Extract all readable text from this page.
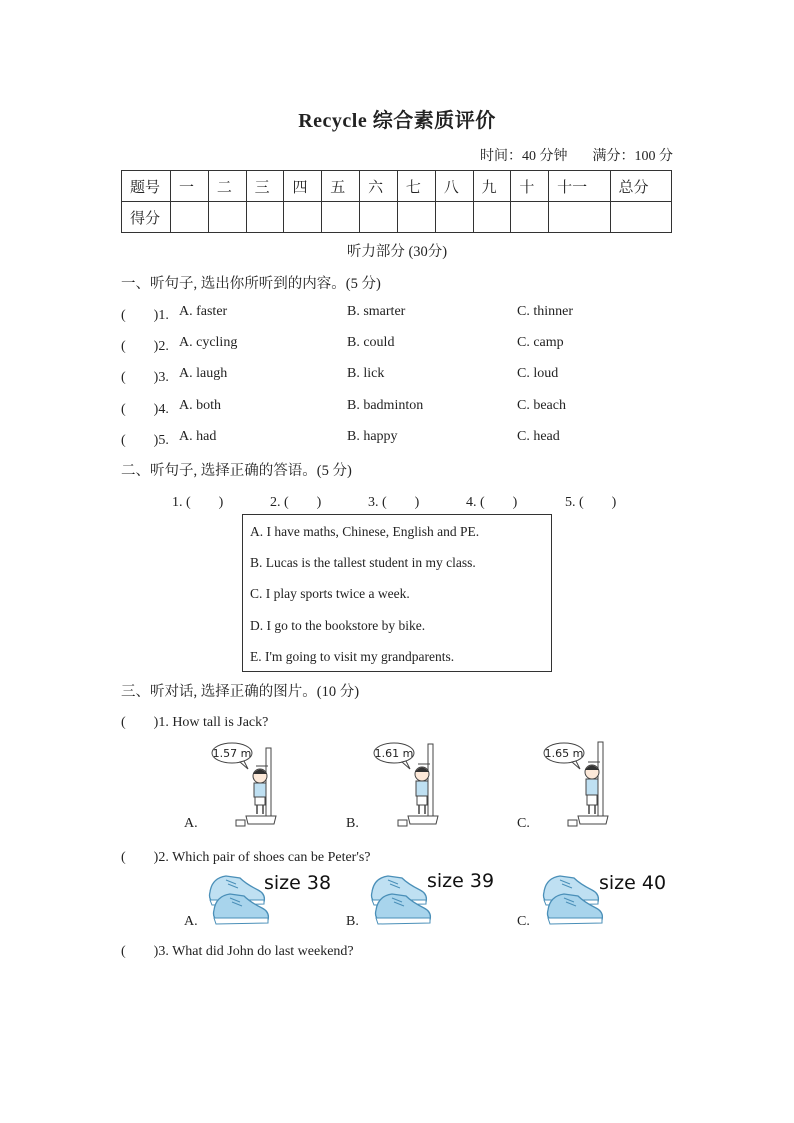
Recycle 综合素质评价
时间：40 分钟 满分：100 分
题号	一	二	三	四	五	六	七	八	九	十	十一	总分
得分												
听力部分 (30分)
一、听句子, 选出你所听到的内容。(5 分)
(　　)1. A. faster	B. smarter	C. thinner
(　　)2. A. cycling	B. could	C. camp
(　　)3. A. laugh	B. lick	C. loud
(　　)4. A. both	B. badminton	C. beach
(　　)5. A. had	B. happy	C. head
二、听句子, 选择正确的答语。(5 分)
1. (　　)	2. (　　)	3. (　　)	4. (　　)	5. (　　)
A. I have maths, Chinese, English and PE.
B. Lucas is the tallest student in my class.
C. I play sports twice a week.
D. I go to the bookstore by bike.
E. I'm going to visit my grandparents.
三、听对话, 选择正确的图片。(10 分)
(　　)1. How tall is Jack?
1.57 m
A.
1.61 m
B.
1.65 m
C.
(　　)2. Which pair of shoes can be Peter's?
size 38
A.
size 39
B.
size 40
C.
(　　)3. What did John do last weekend?
